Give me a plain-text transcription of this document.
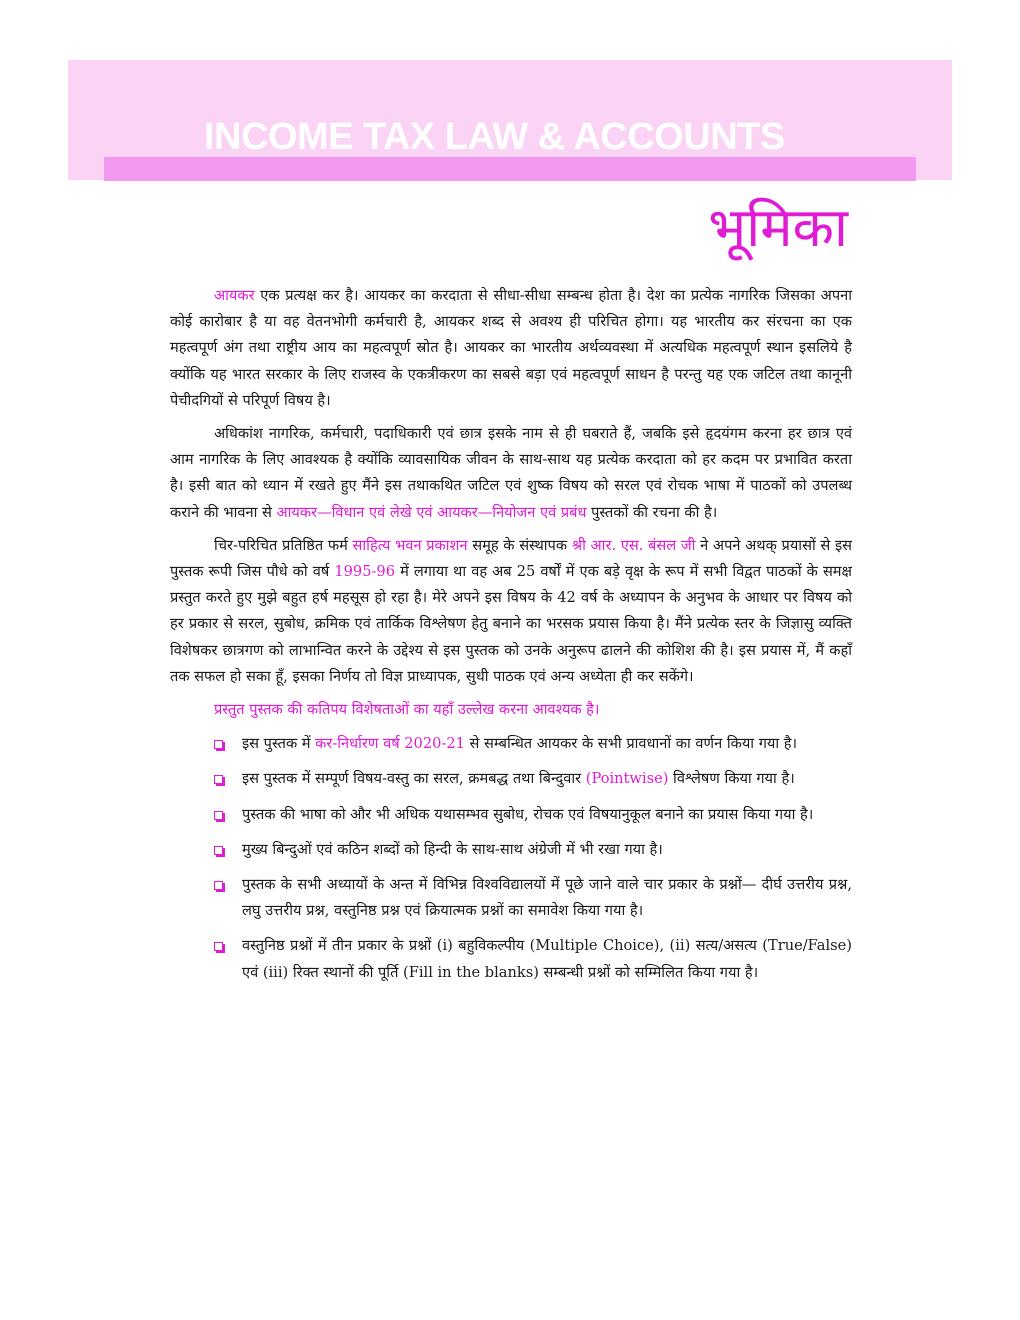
INCOME TAX LAW & ACCOUNTS
भूमिका

आयकर एक प्रत्यक्ष कर है। आयकर का करदाता से सीधा-सीधा सम्बन्ध होता है। देश का प्रत्येक नागरिक जिसका अपना कोई कारोबार है या वह वेतनभोगी कर्मचारी है, आयकर शब्द से अवश्य ही परिचित होगा। यह भारतीय कर संरचना का एक महत्वपूर्ण अंग तथा राष्ट्रीय आय का महत्वपूर्ण स्रोत है। आयकर का भारतीय अर्थव्यवस्था में अत्यधिक महत्वपूर्ण स्थान इसलिये है क्योंकि यह भारत सरकार के लिए राजस्व के एकत्रीकरण का सबसे बड़ा एवं महत्वपूर्ण साधन है परन्तु यह एक जटिल तथा कानूनी पेचीदगियों से परिपूर्ण विषय है।

अधिकांश नागरिक, कर्मचारी, पदाधिकारी एवं छात्र इसके नाम से ही घबराते हैं, जबकि इसे हृदयंगम करना हर छात्र एवं आम नागरिक के लिए आवश्यक है क्योंकि व्यावसायिक जीवन के साथ-साथ यह प्रत्येक करदाता को हर कदम पर प्रभावित करता है। इसी बात को ध्यान में रखते हुए मैंने इस तथाकथित जटिल एवं शुष्क विषय को सरल एवं रोचक भाषा में पाठकों को उपलब्ध कराने की भावना से आयकर—विधान एवं लेखे एवं आयकर—नियोजन एवं प्रबंध पुस्तकों की रचना की है।

चिर-परिचित प्रतिष्ठित फर्म साहित्य भवन प्रकाशन समूह के संस्थापक श्री आर. एस. बंसल जी ने अपने अथक् प्रयासों से इस पुस्तक रूपी जिस पौधे को वर्ष 1995-96 में लगाया था वह अब 25 वर्षों में एक बड़े वृक्ष के रूप में सभी विद्वत पाठकों के समक्ष प्रस्तुत करते हुए मुझे बहुत हर्ष महसूस हो रहा है। मेरे अपने इस विषय के 42 वर्ष के अध्यापन के अनुभव के आधार पर विषय को हर प्रकार से सरल, सुबोध, क्रमिक एवं तार्किक विश्लेषण हेतु बनाने का भरसक प्रयास किया है। मैंने प्रत्येक स्तर के जिज्ञासु व्यक्ति विशेषकर छात्रगण को लाभान्वित करने के उद्देश्य से इस पुस्तक को उनके अनुरूप ढालने की कोशिश की है। इस प्रयास में, मैं कहाँ तक सफल हो सका हूँ, इसका निर्णय तो विज्ञ प्राध्यापक, सुधी पाठक एवं अन्य अध्येता ही कर सकेंगे।

प्रस्तुत पुस्तक की कतिपय विशेषताओं का यहाँ उल्लेख करना आवश्यक है।
इस पुस्तक में कर-निर्धारण वर्ष 2020-21 से सम्बन्धित आयकर के सभी प्रावधानों का वर्णन किया गया है।
इस पुस्तक में सम्पूर्ण विषय-वस्तु का सरल, क्रमबद्ध तथा बिन्दुवार (Pointwise) विश्लेषण किया गया है।
पुस्तक की भाषा को और भी अधिक यथासम्भव सुबोध, रोचक एवं विषयानुकूल बनाने का प्रयास किया गया है।
मुख्य बिन्दुओं एवं कठिन शब्दों को हिन्दी के साथ-साथ अंग्रेजी में भी रखा गया है।
पुस्तक के सभी अध्यायों के अन्त में विभिन्न विश्वविद्यालयों में पूछे जाने वाले चार प्रकार के प्रश्नों— दीर्घ उत्तरीय प्रश्न, लघु उत्तरीय प्रश्न, वस्तुनिष्ठ प्रश्न एवं क्रियात्मक प्रश्नों का समावेश किया गया है।
वस्तुनिष्ठ प्रश्नों में तीन प्रकार के प्रश्नों (i) बहुविकल्पीय (Multiple Choice), (ii) सत्य/असत्य (True/False) एवं (iii) रिक्त स्थानों की पूर्ति (Fill in the blanks) सम्बन्धी प्रश्नों को सम्मिलित किया गया है।
